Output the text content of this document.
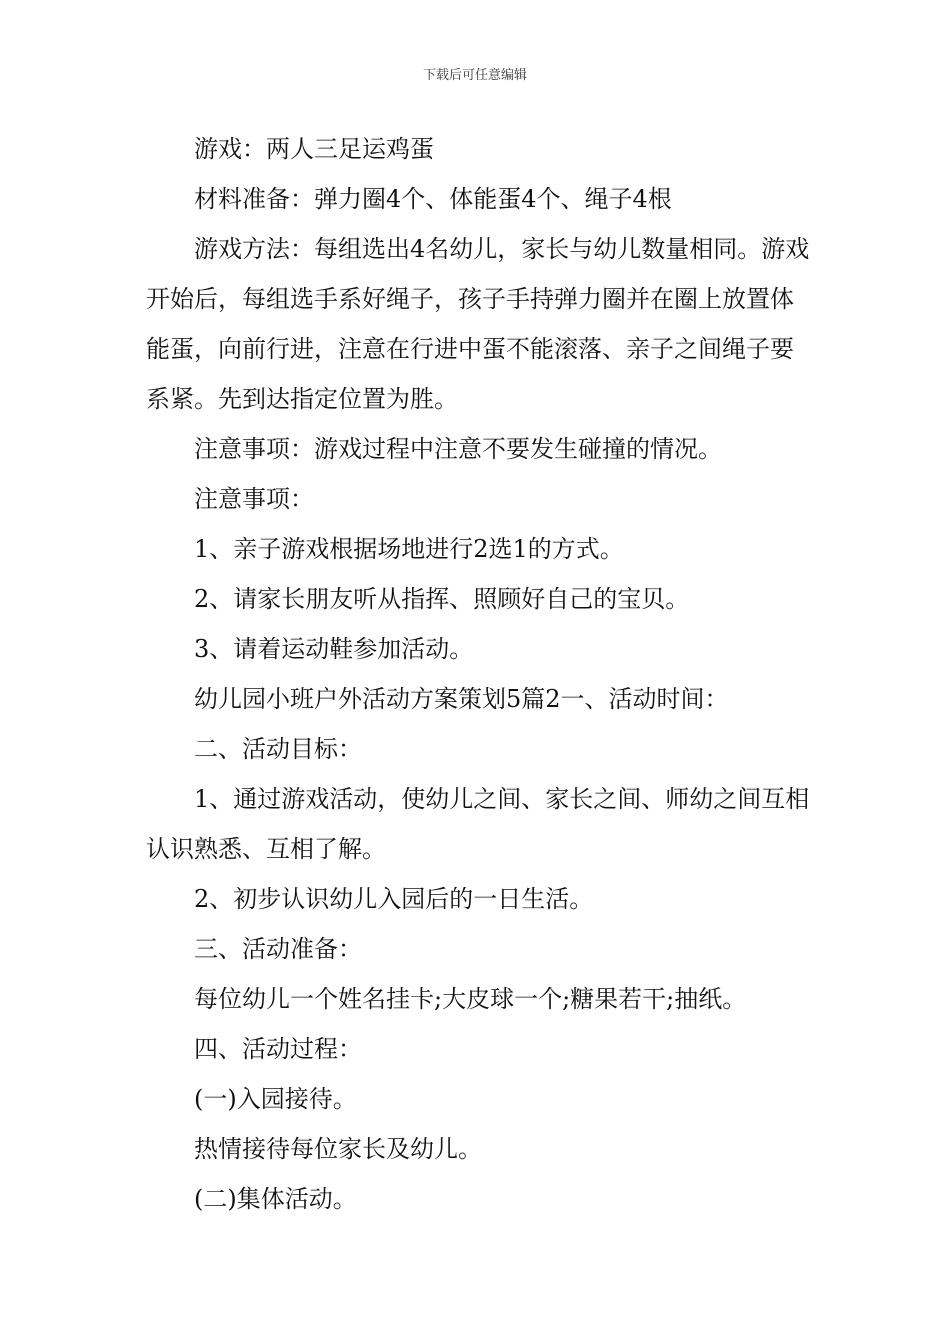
下载后可任意编辑

游戏：两人三足运鸡蛋

材料准备：弹力圈4个、体能蛋4个、绳子4根

游戏方法：每组选出4名幼儿，家长与幼儿数量相同。游戏开始后，每组选手系好绳子，孩子手持弹力圈并在圈上放置体能蛋，向前行进，注意在行进中蛋不能滚落、亲子之间绳子要系紧。先到达指定位置为胜。

注意事项：游戏过程中注意不要发生碰撞的情况。

注意事项：

1、亲子游戏根据场地进行2选1的方式。

2、请家长朋友听从指挥、照顾好自己的宝贝。

3、请着运动鞋参加活动。

幼儿园小班户外活动方案策划5篇2一、活动时间：

二、活动目标：

1、通过游戏活动，使幼儿之间、家长之间、师幼之间互相认识熟悉、互相了解。

2、初步认识幼儿入园后的一日生活。

三、活动准备：

每位幼儿一个姓名挂卡;大皮球一个;糖果若干;抽纸。

四、活动过程：

(一)入园接待。

热情接待每位家长及幼儿。

(二)集体活动。
